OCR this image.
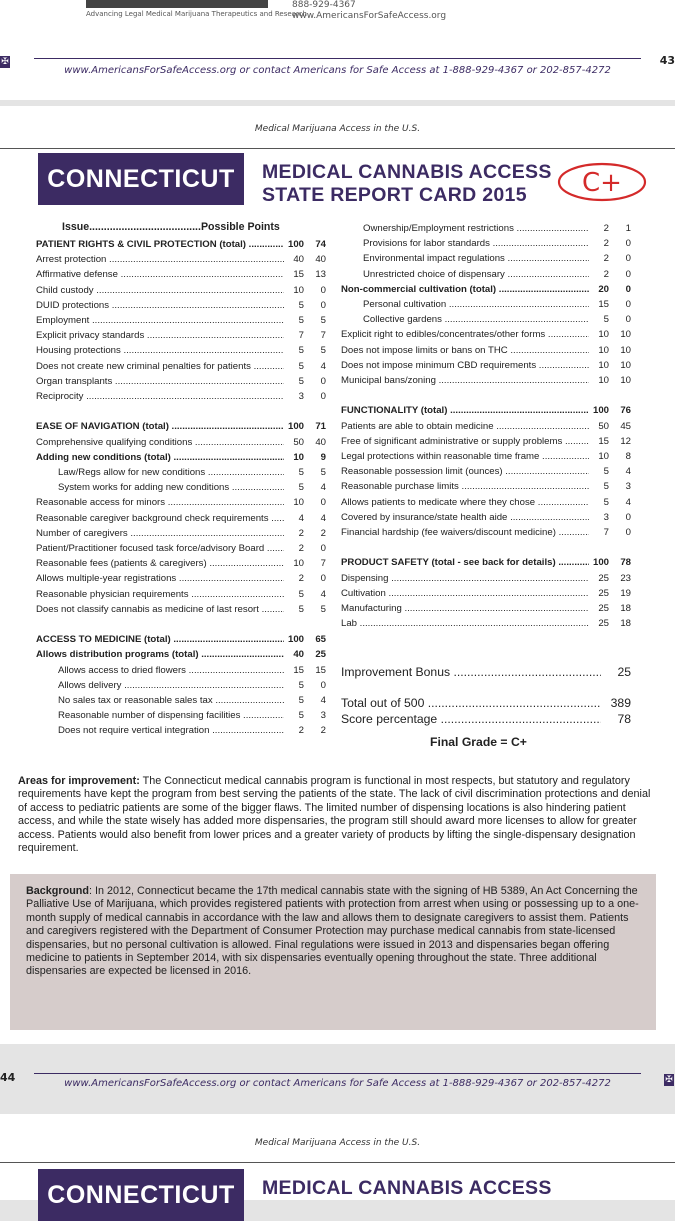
Advancing Legal Medical Marijuana Therapeutics and Research
888-929-4367
www.AmericansForSafeAccess.org
✠
www.AmericansForSafeAccess.org or contact Americans for Safe Access at 1-888-929-4367 or 202-857-4272
43
Medical Marijuana Access in the U.S.
CONNECTICUT	MEDICAL CANNABIS ACCESS
STATE REPORT CARD 2015	C+
Issue......................................Possible Points
PATIENT RIGHTS & CIVIL PROTECTION (total) .....	100	74
Arrest protection .....	40	40
Affirmative defense .....	15	13
Child custody .....	10	0
DUID protections .....	5	0
Employment .....	5	5
Explicit privacy standards .....	7	7
Housing protections .....	5	5
Does not create new criminal penalties for patients .....	5	4
Organ transplants .....	5	0
Reciprocity .....	3	0
EASE OF NAVIGATION (total) .....	100	71
Comprehensive qualifying conditions .....	50	40
Adding new conditions (total) .....	10	9
Law/Regs allow for new conditions .....	5	5
System works for adding new conditions .....	5	4
Reasonable access for minors .....	10	0
Reasonable caregiver background check requirements .....	4	4
Number of caregivers .....	2	2
Patient/Practitioner focused task force/advisory Board .....	2	0
Reasonable fees (patients & caregivers) .....	10	7
Allows multiple-year registrations .....	2	0
Reasonable physician requirements .....	5	4
Does not classify cannabis as medicine of last resort .....	5	5
ACCESS TO MEDICINE (total) .....	100	65
Allows distribution programs (total) .....	40	25
Allows access to dried flowers .....	15	15
Allows delivery .....	5	0
No sales tax or reasonable sales tax .....	5	4
Reasonable number of dispensing facilities .....	5	3
Does not require vertical integration .....	2	2
Ownership/Employment restrictions .....	2	1
Provisions for labor standards .....	2	0
Environmental impact regulations .....	2	0
Unrestricted choice of dispensary .....	2	0
Non-commercial cultivation (total) .....	20	0
Personal cultivation .....	15	0
Collective gardens .....	5	0
Explicit right to edibles/concentrates/other forms .....	10	10
Does not impose limits or bans on THC .....	10	10
Does not impose minimum CBD requirements .....	10	10
Municipal bans/zoning .....	10	10
FUNCTIONALITY (total) .....	100	76
Patients are able to obtain medicine .....	50	45
Free of significant administrative or supply problems .....	15	12
Legal protections within reasonable time frame .....	10	8
Reasonable possession limit (ounces) .....	5	4
Reasonable purchase limits .....	5	3
Allows patients to medicate where they chose .....	5	4
Covered by insurance/state health aide .....	3	0
Financial hardship (fee waivers/discount medicine) .....	7	0
PRODUCT SAFETY (total - see back for details) .....	100	78
Dispensing .....	25	23
Cultivation .....	25	19
Manufacturing .....	25	18
Lab .....	25	18
Improvement Bonus .....	25
Total out of 500 .....	389
Score percentage .....	78
Final Grade = C+
Areas for improvement: The Connecticut medical cannabis program is functional in most respects, but statutory and regulatory requirements have kept the program from best serving the patients of the state. The lack of civil discrimination protections and denial of access to pediatric patients are some of the bigger flaws. The limited number of dispensing locations is also hindering patient access, and while the state wisely has added more dispensaries, the program still should award more licenses to allow for greater access. Patients would also benefit from lower prices and a greater variety of products by lifting the single-dispensary designation requirement.
Background: In 2012, Connecticut became the 17th medical cannabis state with the signing of HB 5389, An Act Concerning the Palliative Use of Marijuana, which provides registered patients with protection from arrest when using or possessing up to a one-month supply of medical cannabis in accordance with the law and allows them to designate caregivers to assist them. Patients and caregivers registered with the Department of Consumer Protection may purchase medical cannabis from state-licensed dispensaries, but no personal cultivation is allowed. Final regulations were issued in 2013 and dispensaries began offering medicine to patients in September 2014, with six dispensaries eventually opening throughout the state. Three additional dispensaries are expected be licensed in 2016.
44	www.AmericansForSafeAccess.org or contact Americans for Safe Access at 1-888-929-4367 or 202-857-4272	✠
Medical Marijuana Access in the U.S.
CONNECTICUT	MEDICAL CANNABIS ACCESS
